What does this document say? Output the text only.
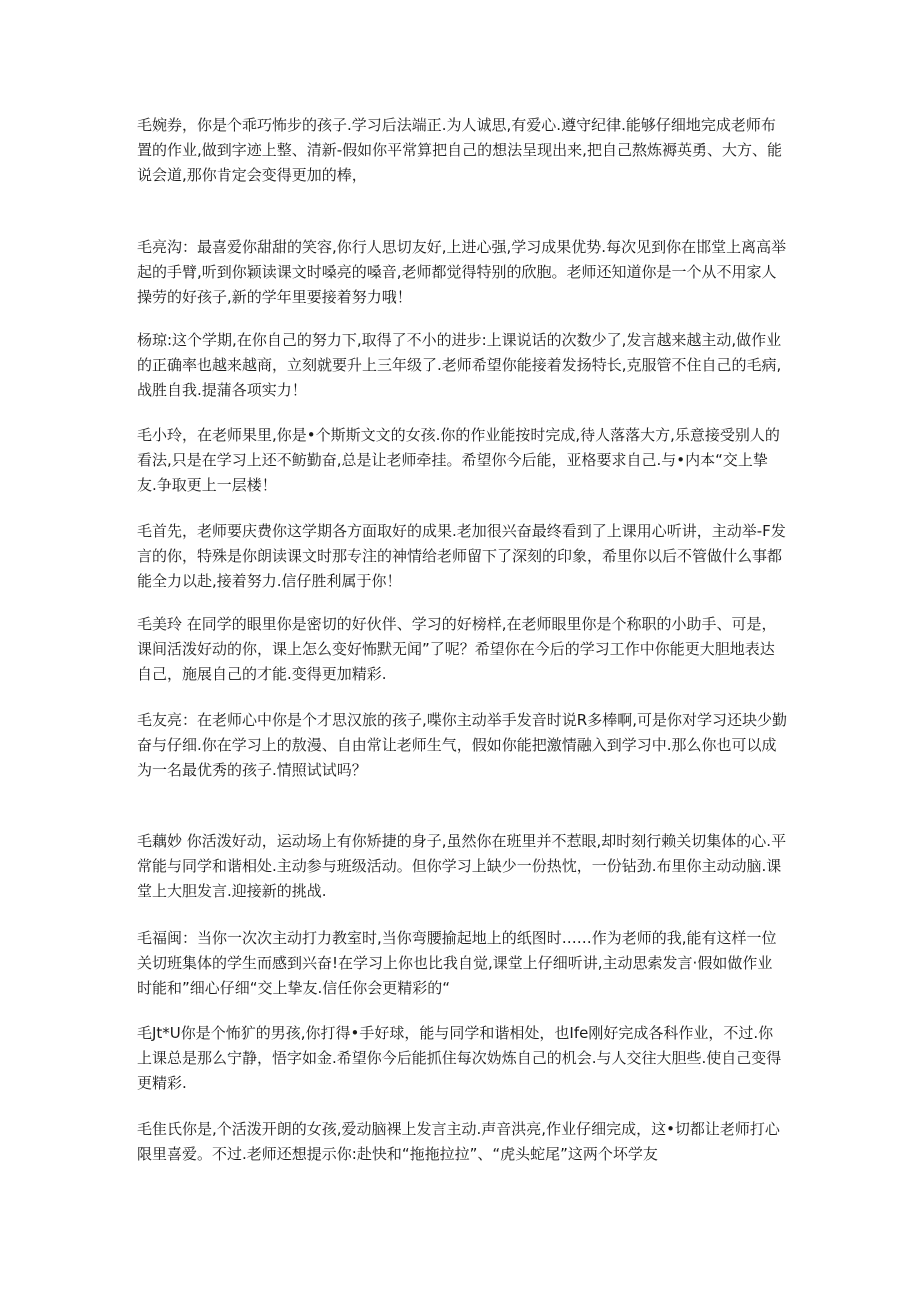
毛婉券，你是个乖巧怖步的孩子.学习后法端正.为人诚思,有爱心.遵守纪律.能够仔细地完成老师布置的作业,做到字迹上整、清新-假如你平常算把自己的想法呈现出来,把自己熬炼褥英勇、大方、能说会道,那你肯定会变得更加的棒，

毛亮沟：最喜爱你甜甜的笑容,你行人思切友好,上进心强,学习成果优势.每次见到你在邯堂上离高举起的手臂,听到你颖读课文时嗓亮的嗓音,老师都觉得特别的欣胞。老师还知道你是一个从不用家人操劳的好孩子,新的学年里要接着努力哦！

杨琼:这个学期,在你自己的努力下,取得了不小的进步:上课说话的次数少了,发言越来越主动,做作业的正确率也越来越商，立刻就要升上三年级了.老师希望你能接着发扬特长,克服管不住自己的毛病,战胜自我.提蒲各项实力！

毛小玲，在老师果里,你是•个斯斯文文的女孩.你的作业能按时完成,待人落落大方,乐意接受别人的看法,只是在学习上还不鲂勤奋,总是让老师牵挂。希望你今后能，亚格要求自己.与•内本“交上挚友.争取更上一层楼！

毛首先，老师要庆费你这学期各方面取好的成果.老加很兴奋最终看到了上课用心听讲，主动举-F发言的你，特殊是你朗读课文时那专注的神情给老师留下了深刻的印象，希里你以后不管做什么事都能全力以赴,接着努力.信仔胜利属于你！

毛美玲 在同学的眼里你是密切的好伙伴、学习的好榜样,在老师眼里你是个称职的小助手、可是，课间活泼好动的你，课上怎么变好怖默无闻”了呢？希望你在今后的学习工作中你能更大胆地表达自己，施展自己的才能.变得更加精彩.

毛友亮：在老师心中你是个才思汉旅的孩子,喋你主动举手发音时说R多棒啊,可是你对学习还块少勤奋与仔细.你在学习上的敖漫、自由常让老师生气，假如你能把激情融入到学习中.那么你也可以成为一名最优秀的孩子.情照试试吗？

毛藕妙 你活泼好动，运动场上有你矫捷的身子,虽然你在班里并不惹眼,却时刻行赖关切集体的心.平常能与同学和谐相处.主动参与班级活动。但你学习上缺少一份热忱，一份钻劲.布里你主动动脑.课堂上大胆发言.迎接新的挑战.

毛福闽：当你一次次主动打力教室时,当你弯腰揄起地上的纸图时……作为老师的我,能有这样一位关切班集体的学生而感到兴奋!在学习上你也比我自觉,课堂上仔细听讲,主动思索发言·假如做作业时能和”细心仔细“交上挚友.信任你会更精彩的“

毛Jt*U你是个怖犷的男孩,你打得•手好球，能与同学和谐相处，也Ife刚好完成各科作业，不过.你上课总是那么宁静，悟字如金.希望你今后能抓住每次妫炼自己的机会.与人交往大胆些.使自己变得更精彩.

毛隹氏你是,个活泼开朗的女孩,爱动脑裸上发言主动.声音洪亮,作业仔细完成，这•切都让老师打心限里喜爱。不过.老师还想提示你:赴快和“拖拖拉拉”、“虎头蛇尾”这两个坏学友
